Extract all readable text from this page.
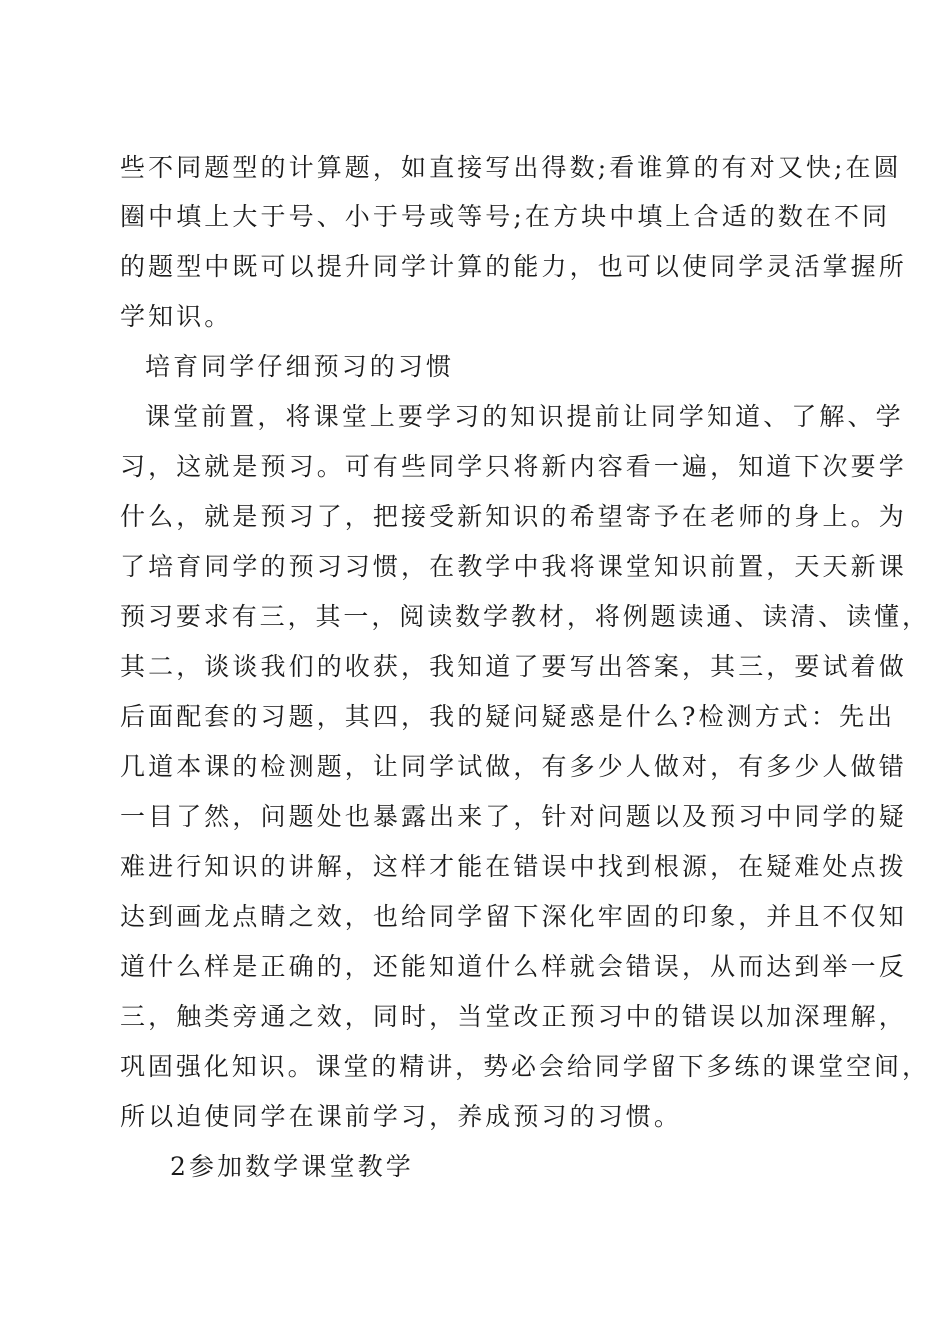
些不同题型的计算题，如直接写出得数;看谁算的有对又快;在圆
圈中填上大于号、小于号或等号;在方块中填上合适的数在不同
的题型中既可以提升同学计算的能力，也可以使同学灵活掌握所
学知识。
培育同学仔细预习的习惯
课堂前置，将课堂上要学习的知识提前让同学知道、了解、学
习，这就是预习。可有些同学只将新内容看一遍，知道下次要学
什么，就是预习了，把接受新知识的希望寄予在老师的身上。为
了培育同学的预习习惯，在教学中我将课堂知识前置，天天新课
预习要求有三，其一，阅读数学教材，将例题读通、读清、读懂，
其二，谈谈我们的收获，我知道了要写出答案，其三，要试着做
后面配套的习题，其四，我的疑问疑惑是什么?检测方式：先出
几道本课的检测题，让同学试做，有多少人做对，有多少人做错
一目了然，问题处也暴露出来了，针对问题以及预习中同学的疑
难进行知识的讲解，这样才能在错误中找到根源，在疑难处点拨
达到画龙点睛之效，也给同学留下深化牢固的印象，并且不仅知
道什么样是正确的，还能知道什么样就会错误，从而达到举一反
三，触类旁通之效，同时，当堂改正预习中的错误以加深理解，
巩固强化知识。课堂的精讲，势必会给同学留下多练的课堂空间，
所以迫使同学在课前学习，养成预习的习惯。
2参加数学课堂教学
